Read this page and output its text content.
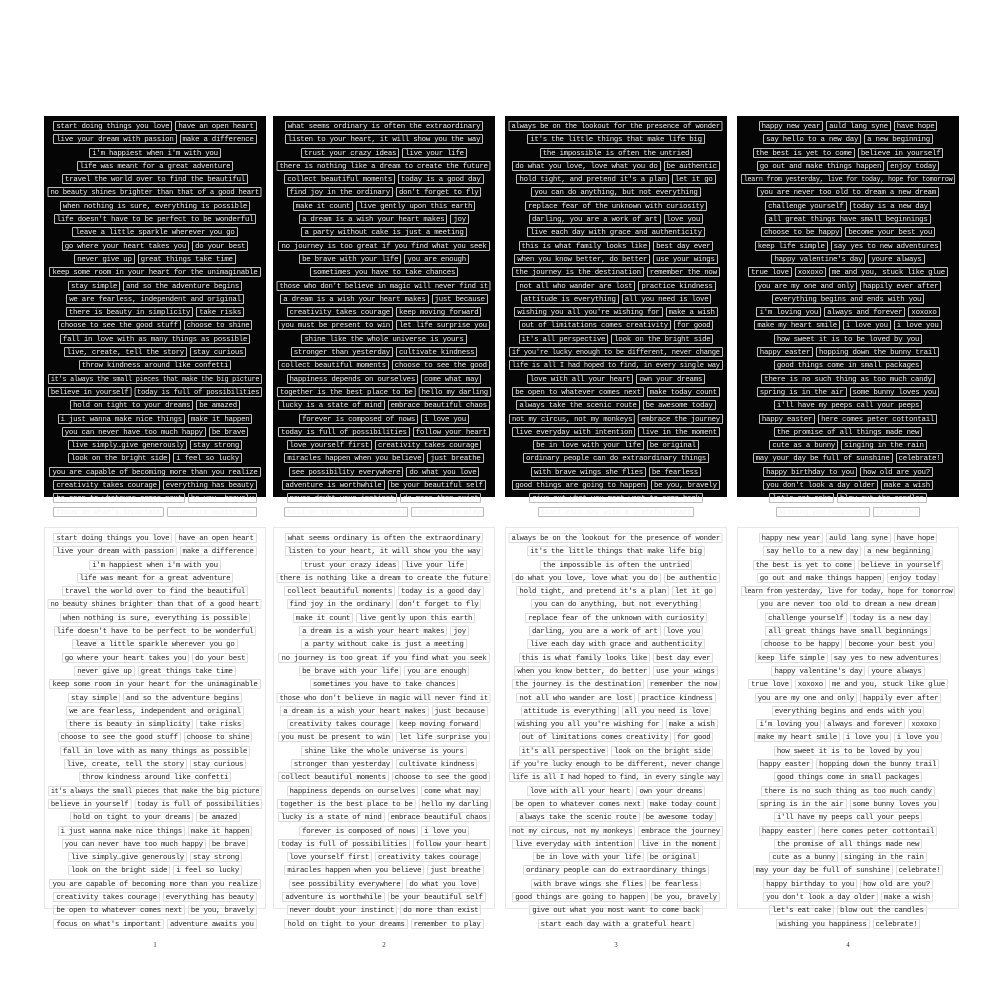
start doing things you love	have an open heart
live your dream with passion	make a difference
i'm happiest when i'm with you
life was meant for a great adventure
travel the world over to find the beautiful
no beauty shines brighter than that of a good heart
when nothing is sure, everything is possible
life doesn't have to be perfect to be wonderful
leave a little sparkle wherever you go
go where your heart takes you	do your best
never give up	great things take time
keep some room in your heart for the unimaginable
stay simple	and so the adventure begins
we are fearless, independent and original
there is beauty in simplicity	take risks
choose to see the good stuff	choose to shine
fall in love with as many things as possible
live, create, tell the story	stay curious
throw kindness around like confetti
it's always the small pieces that make the big picture
believe in yourself	today is full of possibilities
hold on tight to your dreams	be amazed
i just wanna make nice things	make it happen
you can never have too much happy	be brave
live simply…give generously	stay strong
look on the bright side	i feel so lucky
you are capable of becoming more than you realize
creativity takes courage	everything has beauty
be open to whatever comes next	be you, bravely
focus on what's important	adventure awaits you
what seems ordinary is often the extraordinary
listen to your heart, it will show you the way
trust your crazy ideas	live your life
there is nothing like a dream to create the future
collect beautiful moments	today is a good day
find joy in the ordinary	don't forget to fly
make it count	live gently upon this earth
a dream is a wish your heart makes	joy
a party without cake is just a meeting
no journey is too great if you find what you seek
be brave with your life	you are enough
sometimes you have to take chances
those who don't believe in magic will never find it
a dream is a wish your heart makes	just because
creativity takes courage	keep moving forward
you must be present to win	let life surprise you
shine like the whole universe is yours
stronger than yesterday	cultivate kindness
collect beautiful moments	choose to see the good
happiness depends on ourselves	come what may
together is the best place to be	hello my darling
lucky is a state of mind	embrace beautiful chaos
forever is composed of nows	i love you
today is full of possibilities	follow your heart
love yourself first	creativity takes courage
miracles happen when you believe	just breathe
see possibility everywhere	do what you love
adventure is worthwhile	be your beautiful self
never doubt your instinct	do more than exist
hold on tight to your dreams	remember to play
always be on the lookout for the presence of wonder
it's the little things that make life big
the impossible is often the untried
do what you love, love what you do	be authentic
hold tight, and pretend it's a plan	let it go
you can do anything, but not everything
replace fear of the unknown with curiosity
darling, you are a work of art	love you
live each day with grace and authenticity
this is what family looks like	best day ever
when you know better, do better	use your wings
the journey is the destination	remember the now
not all who wander are lost	practice kindness
attitude is everything	all you need is love
wishing you all you're wishing for	make a wish
out of limitations comes creativity	for good
it's all perspective	look on the bright side
if you're lucky enough to be different, never change
life is all I had hoped to find, in every single way
love with all your heart	own your dreams
be open to whatever comes next	make today count
always take the scenic route	be awesome today
not my circus, not my monkeys	embrace the journey
live everyday with intention	live in the moment
be in love with your life	be original
ordinary people can do extraordinary things
with brave wings she flies	be fearless
good things are going to happen	be you, bravely
give out what you most want to come back
start each day with a grateful heart
happy new year	auld lang syne	have hope
say hello to a new day	a new beginning
the best is yet to come	believe in yourself
go out and make things happen	enjoy today
learn from yesterday, live for today, hope for tomorrow
you are never too old to dream a new dream
challenge yourself	today is a new day
all great things have small beginnings
choose to be happy	become your best you
keep life simple	say yes to new adventures
happy valentine's day	youre always
true love	xoxoxo	me and you, stuck like glue
you are my one and only	happily ever after
everything begins and ends with you
i'm loving you	always and forever	xoxoxo
make my heart smile	i love you	i love you
how sweet it is to be loved by you
happy easter	hopping down the bunny trail
good things come in small packages
there is no such thing as too much candy
spring is in the air	some bunny loves you
i'll have my peeps call your peeps
happy easter	here comes peter cottontail
the promise of all things made new
cute as a bunny	singing in the rain
may your day be full of sunshine	celebrate!
happy birthday to you	how old are you?
you don't look a day older	make a wish
let's eat cake	blow out the candles
wishing you happiness	celebrate!
start doing things you love	have an open heart
live your dream with passion	make a difference
i'm happiest when i'm with you
life was meant for a great adventure
travel the world over to find the beautiful
no beauty shines brighter than that of a good heart
when nothing is sure, everything is possible
life doesn't have to be perfect to be wonderful
leave a little sparkle wherever you go
go where your heart takes you	do your best
never give up	great things take time
keep some room in your heart for the unimaginable
stay simple	and so the adventure begins
we are fearless, independent and original
there is beauty in simplicity	take risks
choose to see the good stuff	choose to shine
fall in love with as many things as possible
live, create, tell the story	stay curious
throw kindness around like confetti
it's always the small pieces that make the big picture
believe in yourself	today is full of possibilities
hold on tight to your dreams	be amazed
i just wanna make nice things	make it happen
you can never have too much happy	be brave
live simply…give generously	stay strong
look on the bright side	i feel so lucky
you are capable of becoming more than you realize
creativity takes courage	everything has beauty
be open to whatever comes next	be you, bravely
focus on what's important	adventure awaits you
1
what seems ordinary is often the extraordinary
listen to your heart, it will show you the way
trust your crazy ideas	live your life
there is nothing like a dream to create the future
collect beautiful moments	today is a good day
find joy in the ordinary	don't forget to fly
make it count	live gently upon this earth
a dream is a wish your heart makes	joy
a party without cake is just a meeting
no journey is too great if you find what you seek
be brave with your life	you are enough
sometimes you have to take chances
those who don't believe in magic will never find it
a dream is a wish your heart makes	just because
creativity takes courage	keep moving forward
you must be present to win	let life surprise you
shine like the whole universe is yours
stronger than yesterday	cultivate kindness
collect beautiful moments	choose to see the good
happiness depends on ourselves	come what may
together is the best place to be	hello my darling
lucky is a state of mind	embrace beautiful chaos
forever is composed of nows	i love you
today is full of possibilities	follow your heart
love yourself first	creativity takes courage
miracles happen when you believe	just breathe
see possibility everywhere	do what you love
adventure is worthwhile	be your beautiful self
never doubt your instinct	do more than exist
hold on tight to your dreams	remember to play
2
always be on the lookout for the presence of wonder
it's the little things that make life big
the impossible is often the untried
do what you love, love what you do	be authentic
hold tight, and pretend it's a plan	let it go
you can do anything, but not everything
replace fear of the unknown with curiosity
darling, you are a work of art	love you
live each day with grace and authenticity
this is what family looks like	best day ever
when you know better, do better	use your wings
the journey is the destination	remember the now
not all who wander are lost	practice kindness
attitude is everything	all you need is love
wishing you all you're wishing for	make a wish
out of limitations comes creativity	for good
it's all perspective	look on the bright side
if you're lucky enough to be different, never change
life is all I had hoped to find, in every single way
love with all your heart	own your dreams
be open to whatever comes next	make today count
always take the scenic route	be awesome today
not my circus, not my monkeys	embrace the journey
live everyday with intention	live in the moment
be in love with your life	be original
ordinary people can do extraordinary things
with brave wings she flies	be fearless
good things are going to happen	be you, bravely
give out what you most want to come back
start each day with a grateful heart
3
happy new year	auld lang syne	have hope
say hello to a new day	a new beginning
the best is yet to come	believe in yourself
go out and make things happen	enjoy today
learn from yesterday, live for today, hope for tomorrow
you are never too old to dream a new dream
challenge yourself	today is a new day
all great things have small beginnings
choose to be happy	become your best you
keep life simple	say yes to new adventures
happy valentine's day	youre always
true love	xoxoxo	me and you, stuck like glue
you are my one and only	happily ever after
everything begins and ends with you
i'm loving you	always and forever	xoxoxo
make my heart smile	i love you	i love you
how sweet it is to be loved by you
happy easter	hopping down the bunny trail
good things come in small packages
there is no such thing as too much candy
spring is in the air	some bunny loves you
i'll have my peeps call your peeps
happy easter	here comes peter cottontail
the promise of all things made new
cute as a bunny	singing in the rain
may your day be full of sunshine	celebrate!
happy birthday to you	how old are you?
you don't look a day older	make a wish
let's eat cake	blow out the candles
wishing you happiness	celebrate!
4
